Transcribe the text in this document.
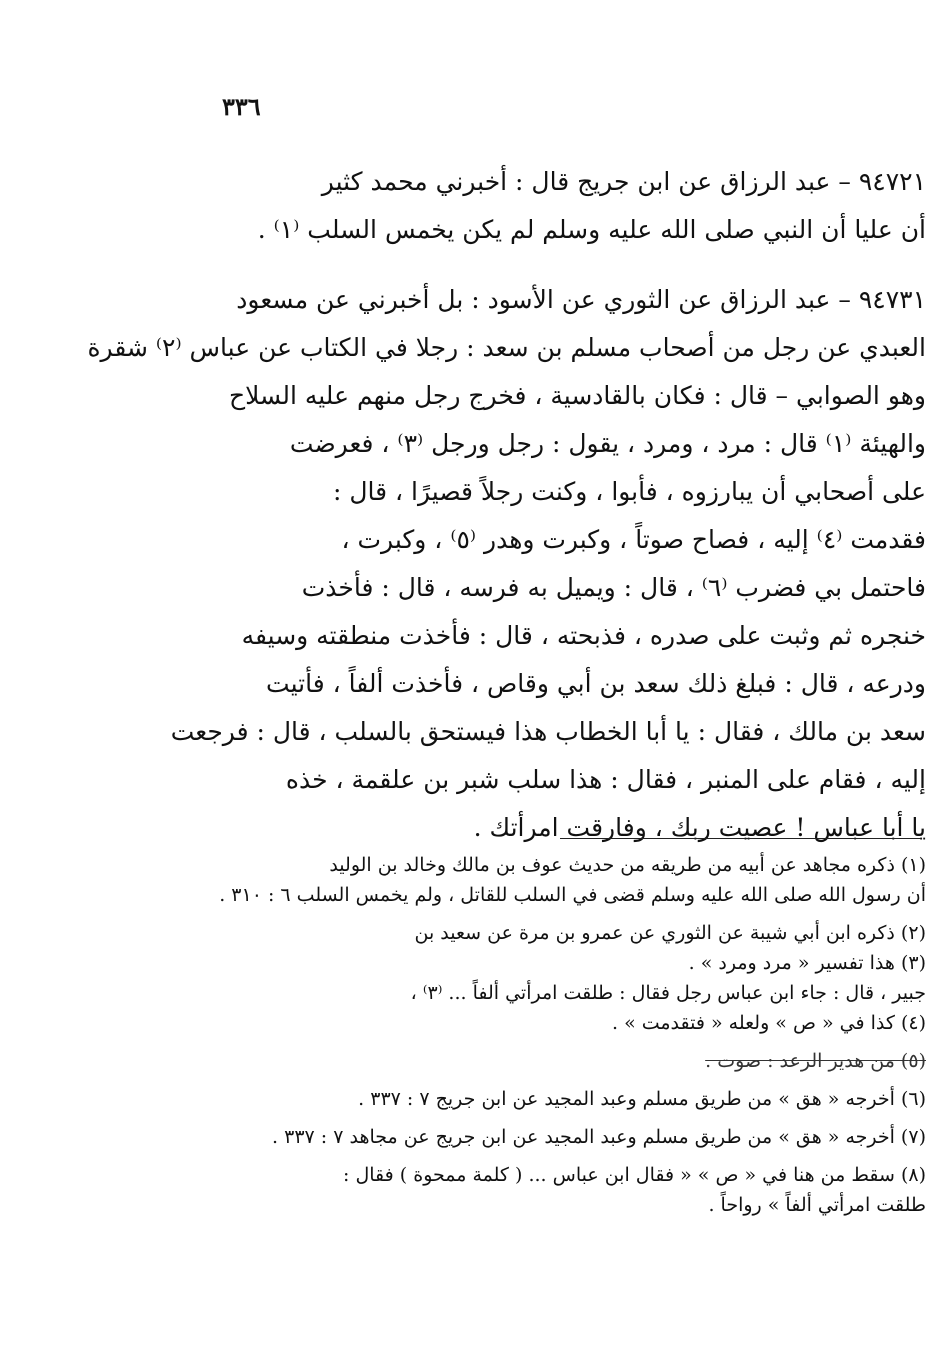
٣٣٦

٩٤٧٢١ – عبد الرزاق عن ابن جريج قال : أخبرني محمد كثير
أن عليا أن النبي صلى الله عليه وسلم لم يكن يخمس السلب ⁽١⁾ .

٩٤٧٣١ – عبد الرزاق عن الثوري عن الأسود : بل أخبرني عن مسعود
العبدي عن رجل من أصحاب مسلم بن سعد : رجلا في الكتاب عن عباس ⁽٢⁾ شقرة
وهو الصوابي – قال : فكان بالقادسية ، فخرج رجل منهم عليه السلاح
والهيئة ⁽١⁾ قال : مرد ، ومرد ، يقول : رجل ورجل ⁽٣⁾ ، فعرضت
على أصحابي أن يبارزوه ، فأبوا ، وكنت رجلاً قصيرًا ، قال :
فقدمت ⁽٤⁾ إليه ، فصاح صوتاً ، وكبرت وهدر ⁽٥⁾ ، وكبرت ،
فاحتمل بي فضرب ⁽٦⁾ ، قال : ويميل به فرسه ، قال : فأخذت
خنجره ثم وثبت على صدره ، فذبحته ، قال : فأخذت منطقته وسيفه
ودرعه ، قال : فبلغ ذلك سعد بن أبي وقاص ، فأخذت ألفاً ، فأتيت
سعد بن مالك ، فقال : يا أبا الخطاب هذا فيستحق بالسلب ، قال : فرجعت
إليه ، فقام على المنبر ، فقال : هذا سلب شبر بن علقمة ، خذه
يا أبا عباس ! عصيت ربك ، وفارقت امرأتك .

(١) ذكره مجاهد عن أبيه من طريقه من حديث عوف بن مالك وخالد بن الوليد
أن رسول الله صلى الله عليه وسلم قضى في السلب للقاتل ، ولم يخمس السلب ٦ : ٣١٠ .
(٢) ذكره ابن أبي شيبة عن الثوري عن عمرو بن مرة عن سعيد بن
(٣) هذا تفسير « مرد ومرد » .
جبير ، قال : جاء ابن عباس رجل فقال : طلقت امرأتي ألفاً ... ⁽٣⁾ ،
(٤) كذا في « ص » ولعله « فتقدمت » .
(٥) من هدير الرعد : صوت .
(٦) أخرجه « هق » من طريق مسلم وعبد المجيد عن ابن جريج ٧ : ٣٣٧ .
(٧) أخرجه « هق » من طريق مسلم وعبد المجيد عن ابن جريج عن مجاهد ٧ : ٣٣٧ .
(٨) سقط من هنا في « ص » « فقال ابن عباس ... ( كلمة ممحوة ) فقال :
طلقت امرأتي ألفاً » رواحاً .
